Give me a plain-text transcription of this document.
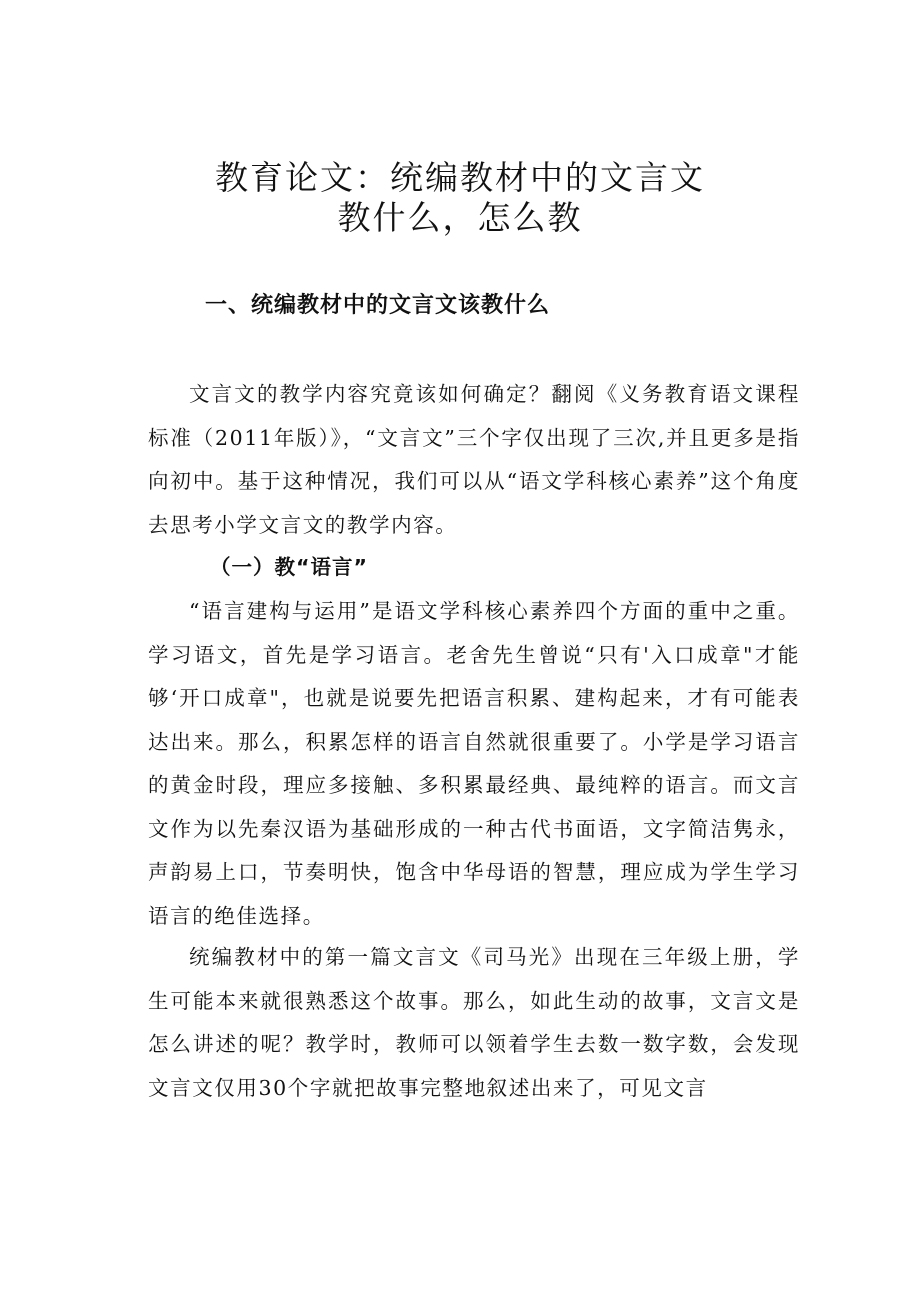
教育论文：统编教材中的文言文
教什么，怎么教
一、统编教材中的文言文该教什么

文言文的教学内容究竟该如何确定？翻阅《义务教育语文课程标准（2011年版）》，“文言文”三个字仅出现了三次,并且更多是指向初中。基于这种情况，我们可以从“语文学科核心素养”这个角度去思考小学文言文的教学内容。

（一）教“语言”

“语言建构与运用”是语文学科核心素养四个方面的重中之重。学习语文，首先是学习语言。老舍先生曾说“只有'入口成章"才能够‘开口成章"，也就是说要先把语言积累、建构起来，才有可能表达出来。那么，积累怎样的语言自然就很重要了。小学是学习语言的黄金时段，理应多接触、多积累最经典、最纯粹的语言。而文言文作为以先秦汉语为基础形成的一种古代书面语，文字简洁隽永，声韵易上口，节奏明快，饱含中华母语的智慧，理应成为学生学习语言的绝佳选择。

统编教材中的第一篇文言文《司马光》出现在三年级上册，学生可能本来就很熟悉这个故事。那么，如此生动的故事，文言文是怎么讲述的呢？教学时，教师可以领着学生去数一数字数，会发现文言文仅用30个字就把故事完整地叙述出来了，可见文言
